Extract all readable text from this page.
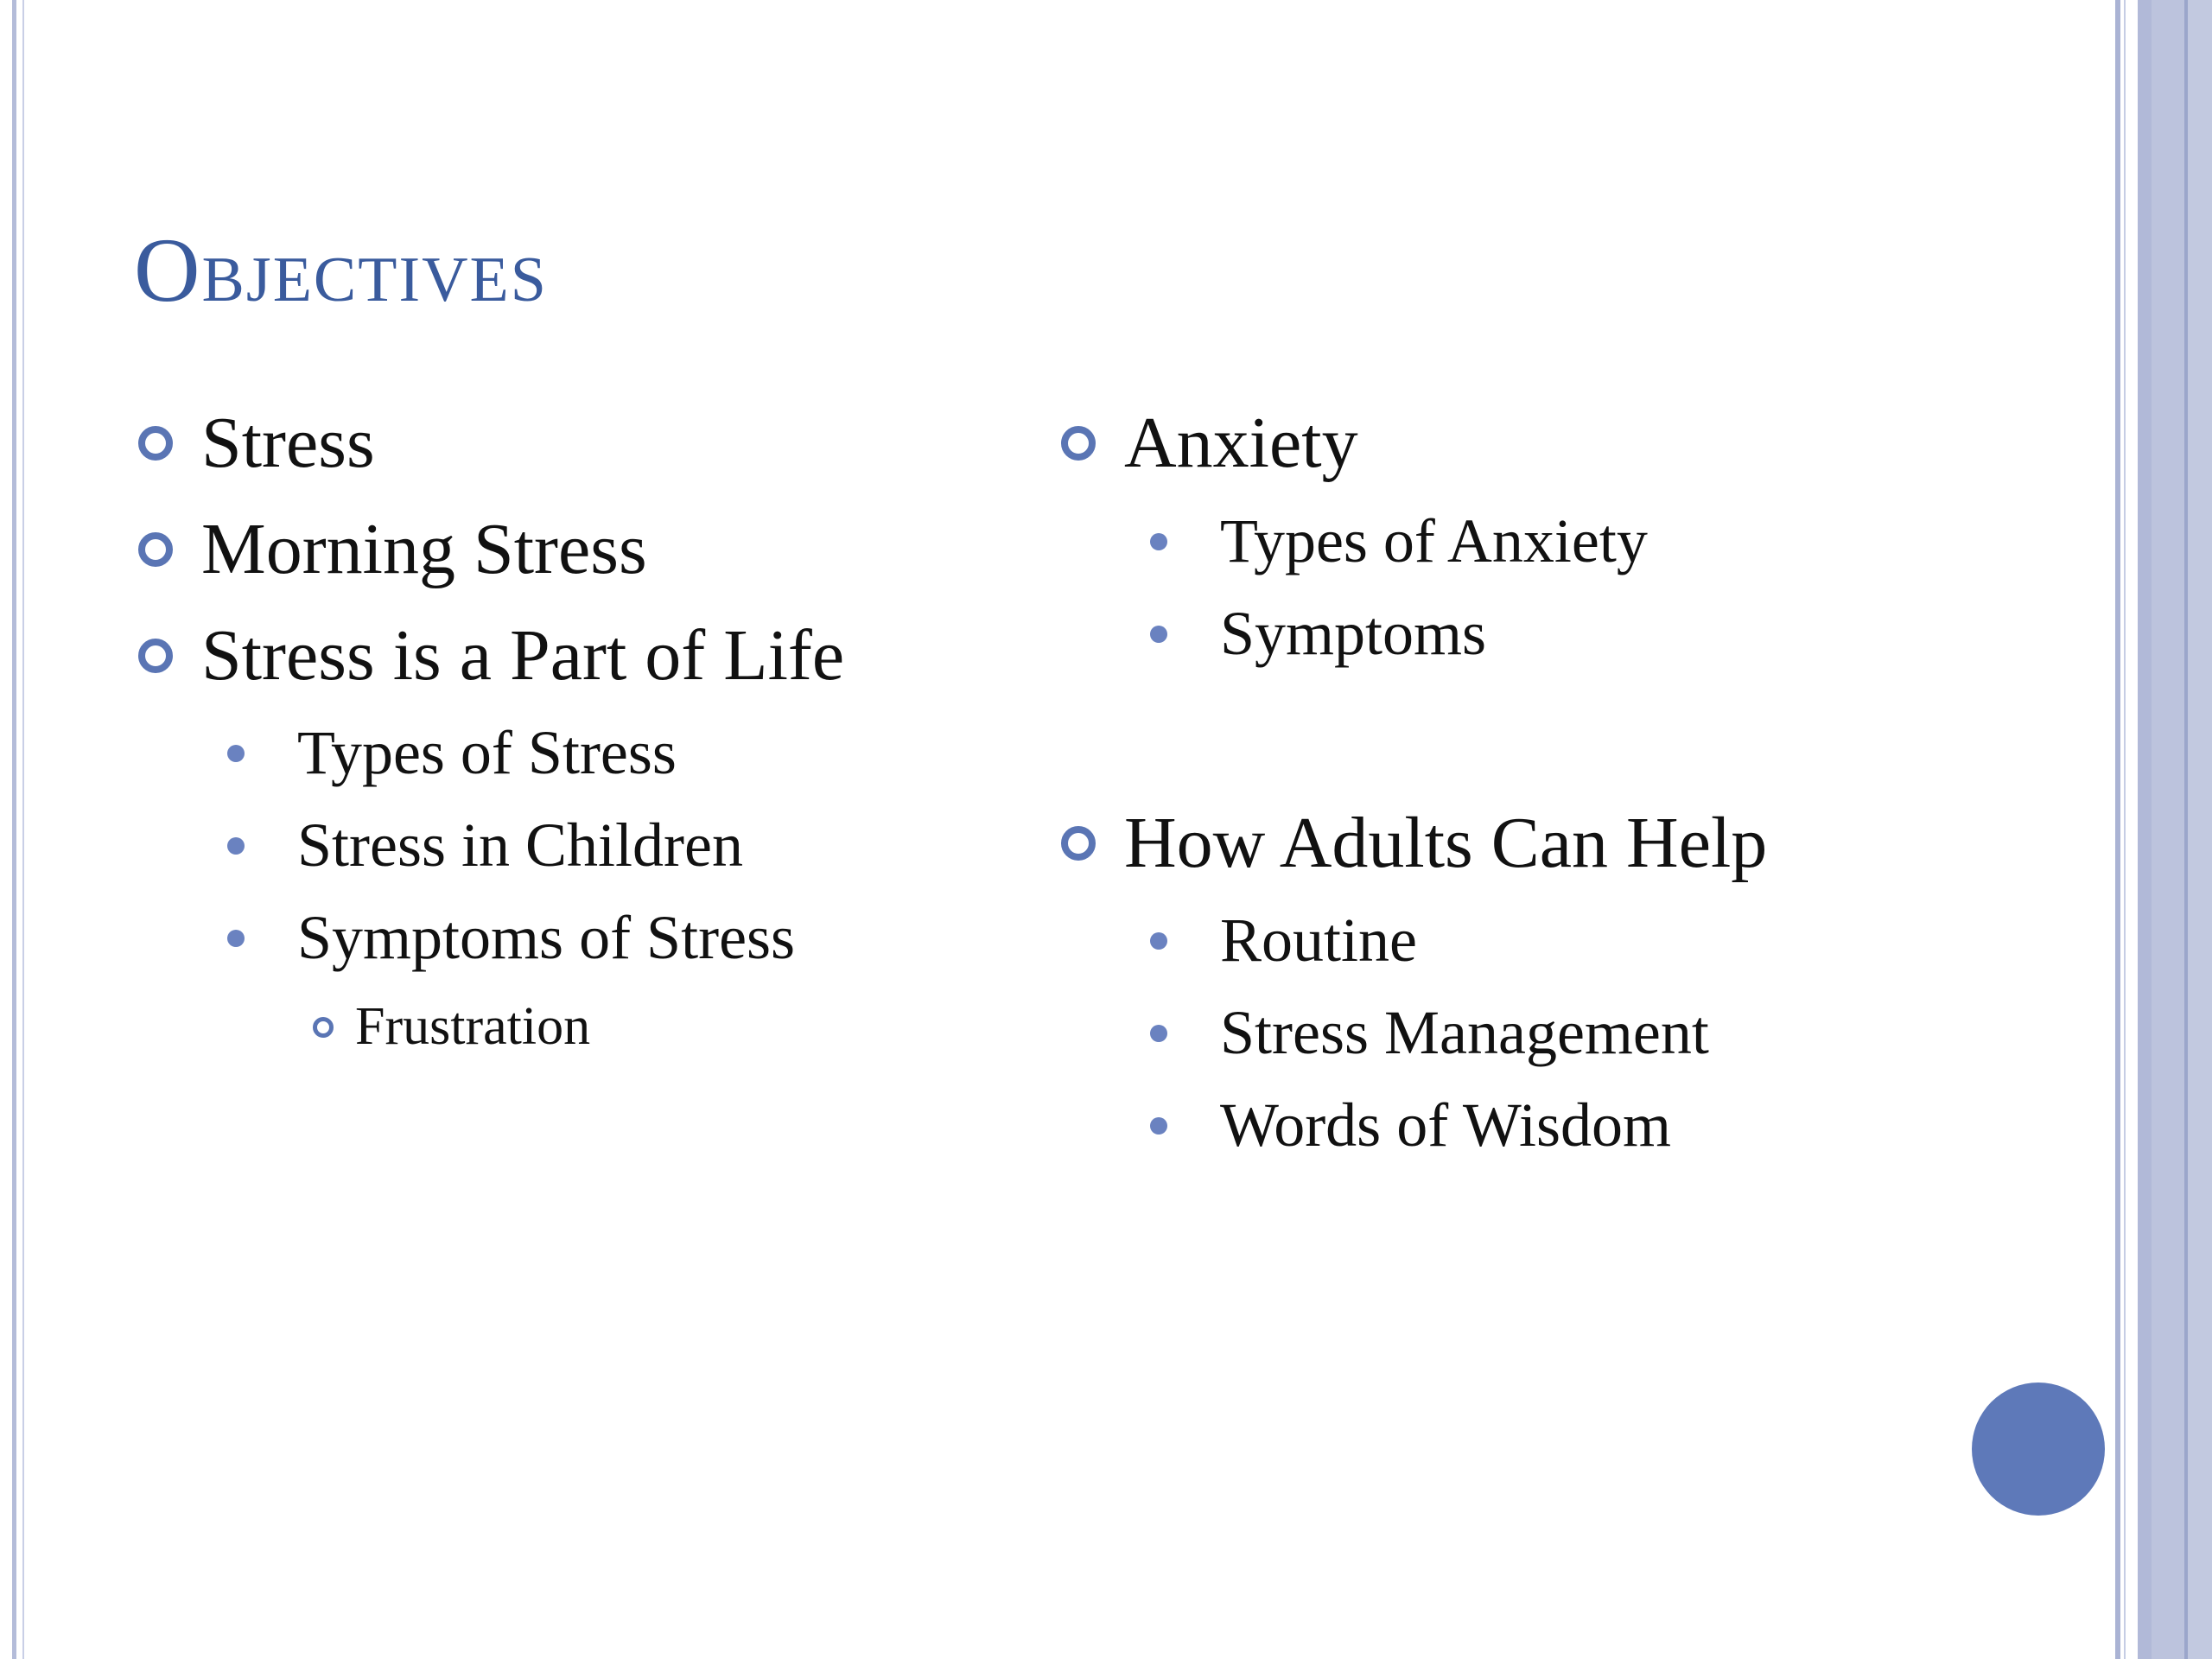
Objectives
Stress
Morning Stress
Stress is a Part of Life
Types of Stress
Stress in Children
Symptoms of Stress
Frustration
Anxiety
Types of Anxiety
Symptoms
How Adults Can Help
Routine
Stress Management
Words of Wisdom
